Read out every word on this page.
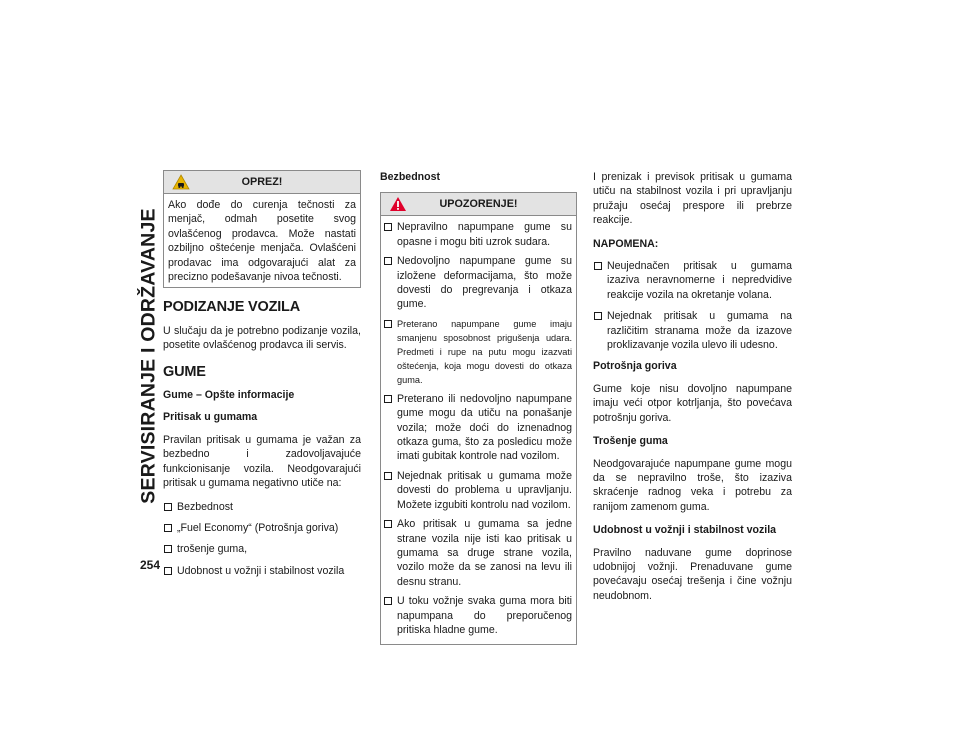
SERVISIRANJE I ODRŽAVANJE
254
OPREZ!

Ako dođe do curenja tečnosti za menjač, odmah posetite svog ovlašćenog prodavca. Može nastati ozbiljno oštećenje menjača. Ovlašćeni prodavac ima odgovarajući alat za precizno podešavanje nivoa tečnosti.

PODIZANJE VOZILA

U slučaju da je potrebno podizanje vozila, posetite ovlašćenog prodavca ili servis.

GUME
Gume – Opšte informacije
Pritisak u gumama

Pravilan pritisak u gumama je važan za bezbedno i zadovoljavajuće funkcionisanje vozila. Neodgovarajući pritisak u gumama negativno utiče na:

Bezbednost
„Fuel Economy“ (Potrošnja goriva)
trošenje guma,
Udobnost u vožnji i stabilnost vozila
Bezbednost
UPOZORENJE!
Nepravilno napumpane gume su opasne i mogu biti uzrok sudara.
Nedovoljno napumpane gume su izložene deformacijama, što može dovesti do pregrevanja i otkaza gume.
Preterano napumpane gume imaju smanjenu sposobnost prigušenja udara. Predmeti i rupe na putu mogu izazvati oštećenja, koja mogu dovesti do otkaza guma.
Preterano ili nedovoljno napumpane gume mogu da utiču na ponašanje vozila; može doći do iznenadnog otkaza guma, što za posledicu može imati gubitak kontrole nad vozilom.
Nejednak pritisak u gumama može dovesti do problema u upravljanju. Možete izgubiti kontrolu nad vozilom.
Ako pritisak u gumama sa jedne strane vozila nije isti kao pritisak u gumama sa druge strane vozila, vozilo može da se zanosi na levu ili desnu stranu.
U toku vožnje svaka guma mora biti napumpana do preporučenog pritiska hladne gume.

I prenizak i previsok pritisak u gumama utiču na stabilnost vozila i pri upravljanju pružaju osećaj prespore ili prebrze reakcije.

NAPOMENA:
Neujednačen pritisak u gumama izaziva neravnomerne i nepredvidive reakcije vozila na okretanje volana.
Nejednak pritisak u gumama na različitim stranama može da izazove proklizavanje vozila ulevo ili udesno.
Potrošnja goriva

Gume koje nisu dovoljno napumpane imaju veći otpor kotrljanja, što povećava potrošnju goriva.

Trošenje guma

Neodgovarajuće napumpane gume mogu da se nepravilno troše, što izaziva skraćenje radnog veka i potrebu za ranijom zamenom guma.

Udobnost u vožnji i stabilnost vozila

Pravilno naduvane gume doprinose udobnijoj vožnji. Prenaduvane gume povećavaju osećaj trešenja i čine vožnju neudobnom.
